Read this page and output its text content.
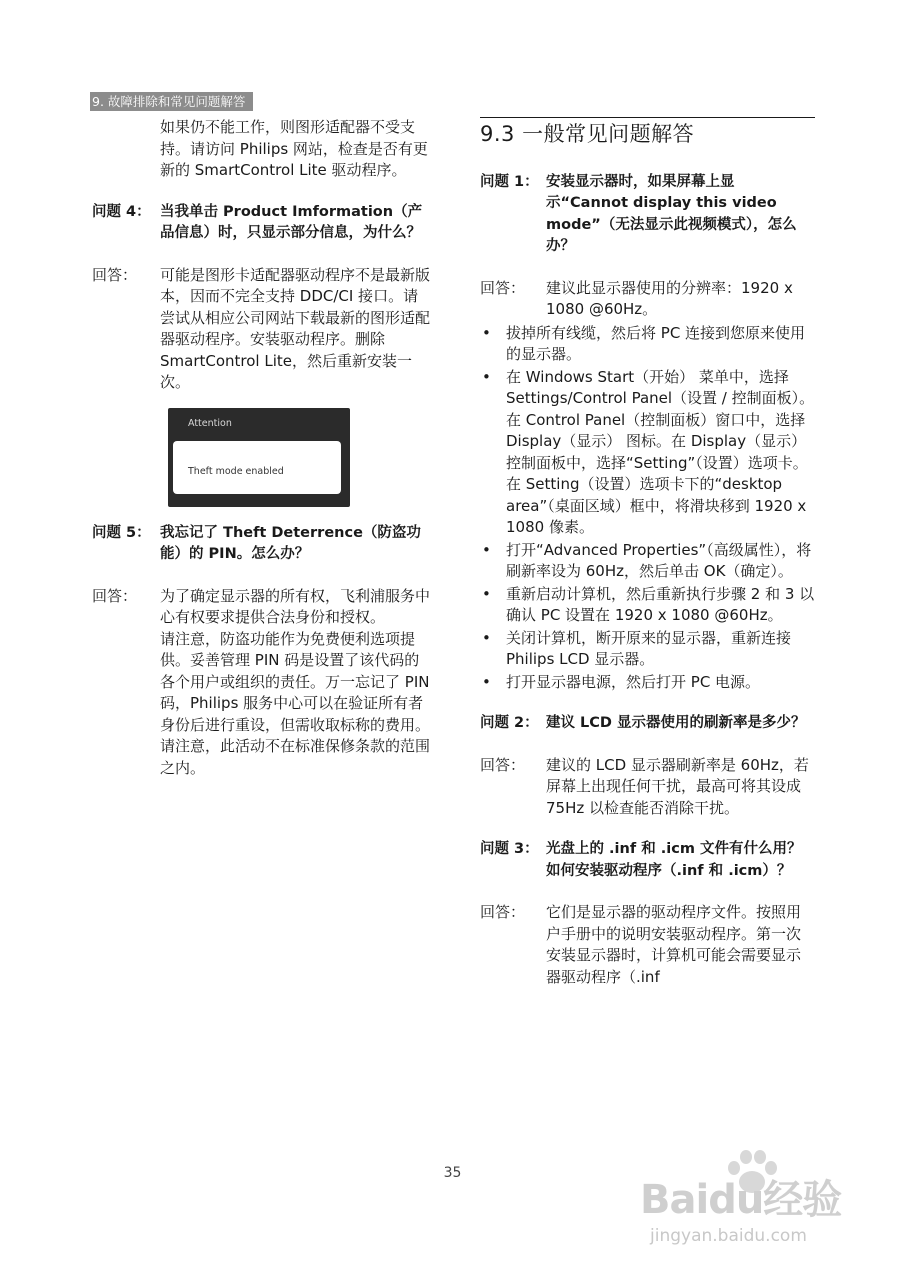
9. 故障排除和常见问题解答
如果仍不能工作，则图形适配器不受支持。请访问 Philips 网站，检查是否有更新的 SmartControl Lite 驱动程序。
问题 4： 当我单击 Product Imformation（产品信息）时，只显示部分信息，为什么？
回答：	可能是图形卡适配器驱动程序不是最新版本，因而不完全支持 DDC/CI 接口。请尝试从相应公司网站下载最新的图形适配器驱动程序。安装驱动程序。删除 SmartControl Lite，然后重新安装一次。
Attention
Theft mode enabled
问题 5： 我忘记了 Theft Deterrence（防盗功能）的 PIN。怎么办？
回答：	为了确定显示器的所有权，飞利浦服务中心有权要求提供合法身份和授权。
请注意，防盗功能作为免费便利选项提供。妥善管理 PIN 码是设置了该代码的各个用户或组织的责任。万一忘记了 PIN 码，Philips 服务中心可以在验证所有者身份后进行重设，但需收取标称的费用。请注意，此活动不在标准保修条款的范围之内。
9.3 一般常见问题解答
问题 1： 安装显示器时，如果屏幕上显示“Cannot display this video mode”（无法显示此视频模式），怎么办？
回答：	建议此显示器使用的分辨率：1920 x 1080 @60Hz。
• 拔掉所有线缆，然后将 PC 连接到您原来使用的显示器。
• 在 Windows Start（开始） 菜单中，选择 Settings/Control Panel（设置 / 控制面板）。 在 Control Panel（控制面板）窗口中，选择 Display（显示） 图标。在 Display（显示） 控制面板中，选择“Setting”（设置）选项卡。 在 Setting（设置）选项卡下的“desktop area”（桌面区域）框中，将滑块移到 1920 x 1080 像素。
• 打开“Advanced Properties”（高级属性），将刷新率设为 60Hz，然后单击 OK（确定）。
• 重新启动计算机，然后重新执行步骤 2 和 3 以确认 PC 设置在 1920 x 1080 @60Hz。
• 关闭计算机，断开原来的显示器，重新连接 Philips LCD 显示器。
• 打开显示器电源，然后打开 PC 电源。
问题 2： 建议 LCD 显示器使用的刷新率是多少？
回答：	建议的 LCD 显示器刷新率是 60Hz，若屏幕上出现任何干扰，最高可将其设成 75Hz 以检查能否消除干扰。
问题 3： 光盘上的 .inf 和 .icm 文件有什么用？ 如何安装驱动程序（.inf 和 .icm）？
回答：	它们是显示器的驱动程序文件。按照用户手册中的说明安装驱动程序。第一次安装显示器时，计算机可能会需要显示器驱动程序（.inf
35
Baidu经验
jingyan.baidu.com
